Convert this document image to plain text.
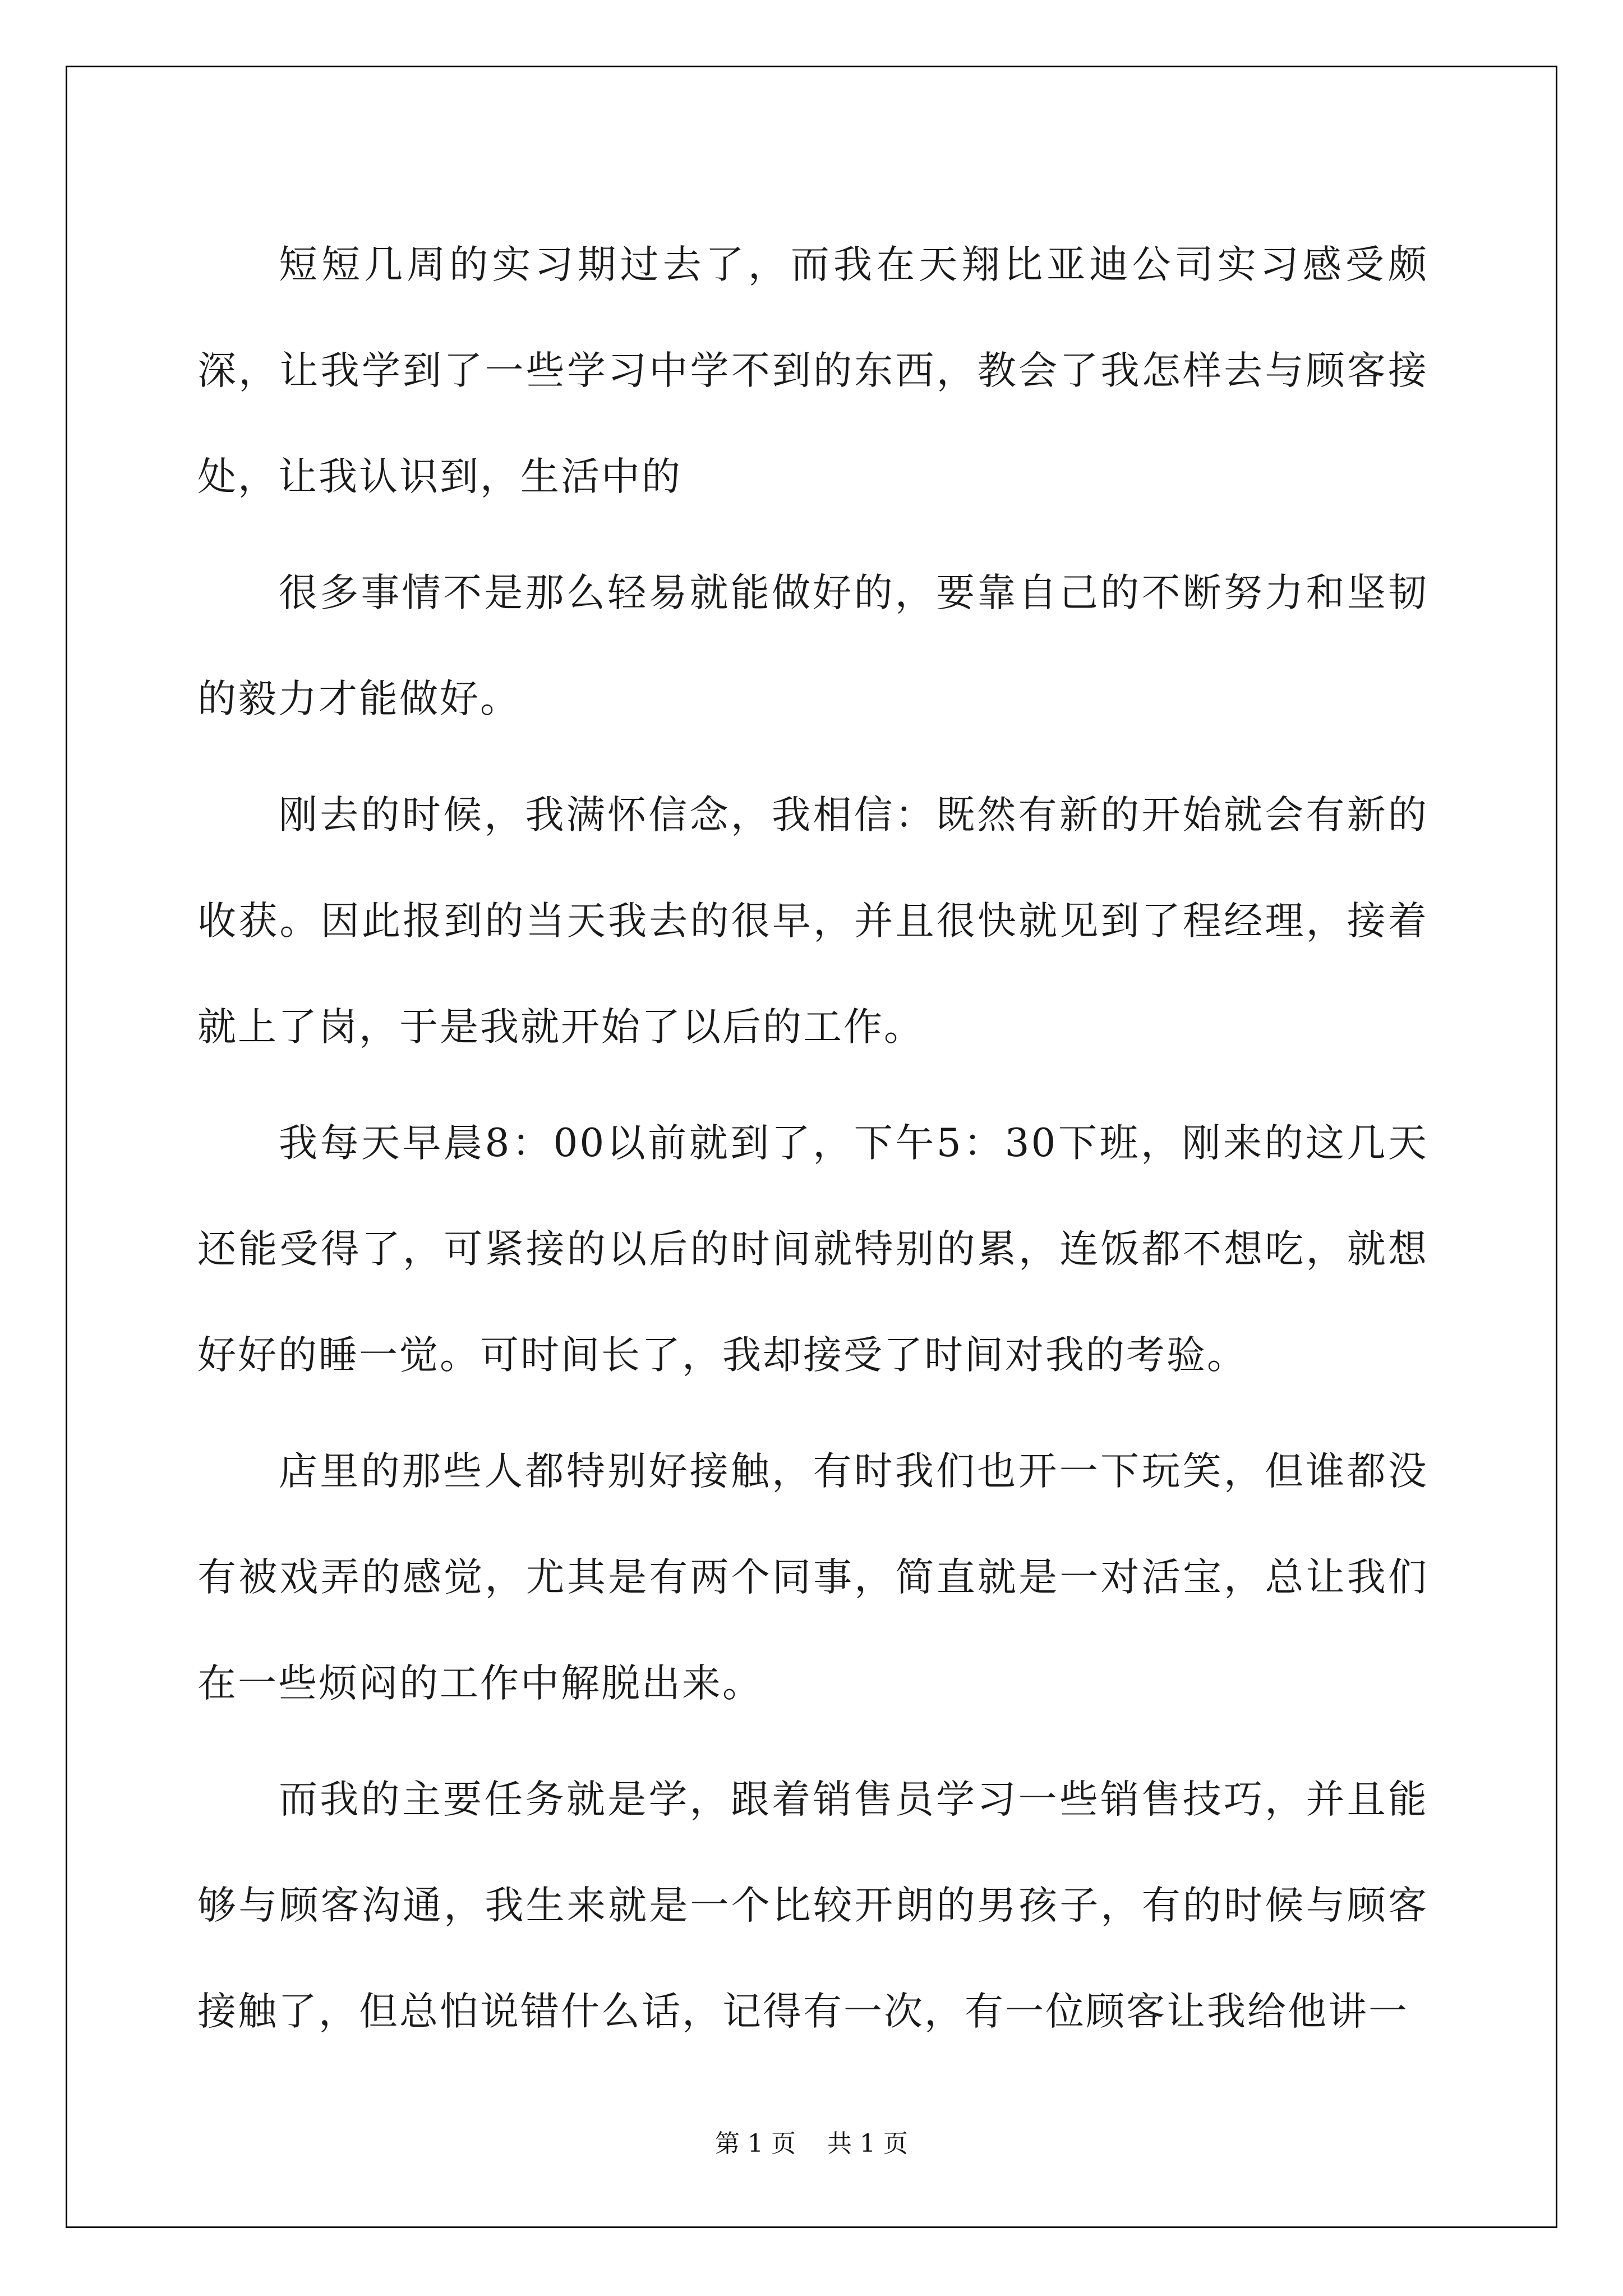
短短几周的实习期过去了，而我在天翔比亚迪公司实习感受颇深，让我学到了一些学习中学不到的东西，教会了我怎样去与顾客接处，让我认识到，生活中的

很多事情不是那么轻易就能做好的，要靠自己的不断努力和坚韧的毅力才能做好。

刚去的时候，我满怀信念，我相信：既然有新的开始就会有新的收获。因此报到的当天我去的很早，并且很快就见到了程经理，接着就上了岗，于是我就开始了以后的工作。

我每天早晨8：00以前就到了，下午5：30下班，刚来的这几天还能受得了，可紧接的以后的时间就特别的累，连饭都不想吃，就想好好的睡一觉。可时间长了，我却接受了时间对我的考验。

店里的那些人都特别好接触，有时我们也开一下玩笑，但谁都没有被戏弄的感觉，尤其是有两个同事，简直就是一对活宝，总让我们在一些烦闷的工作中解脱出来。

而我的主要任务就是学，跟着销售员学习一些销售技巧，并且能够与顾客沟通，我生来就是一个比较开朗的男孩子，有的时候与顾客接触了，但总怕说错什么话，记得有一次，有一位顾客让我给他讲一

第 1 页    共 1 页
